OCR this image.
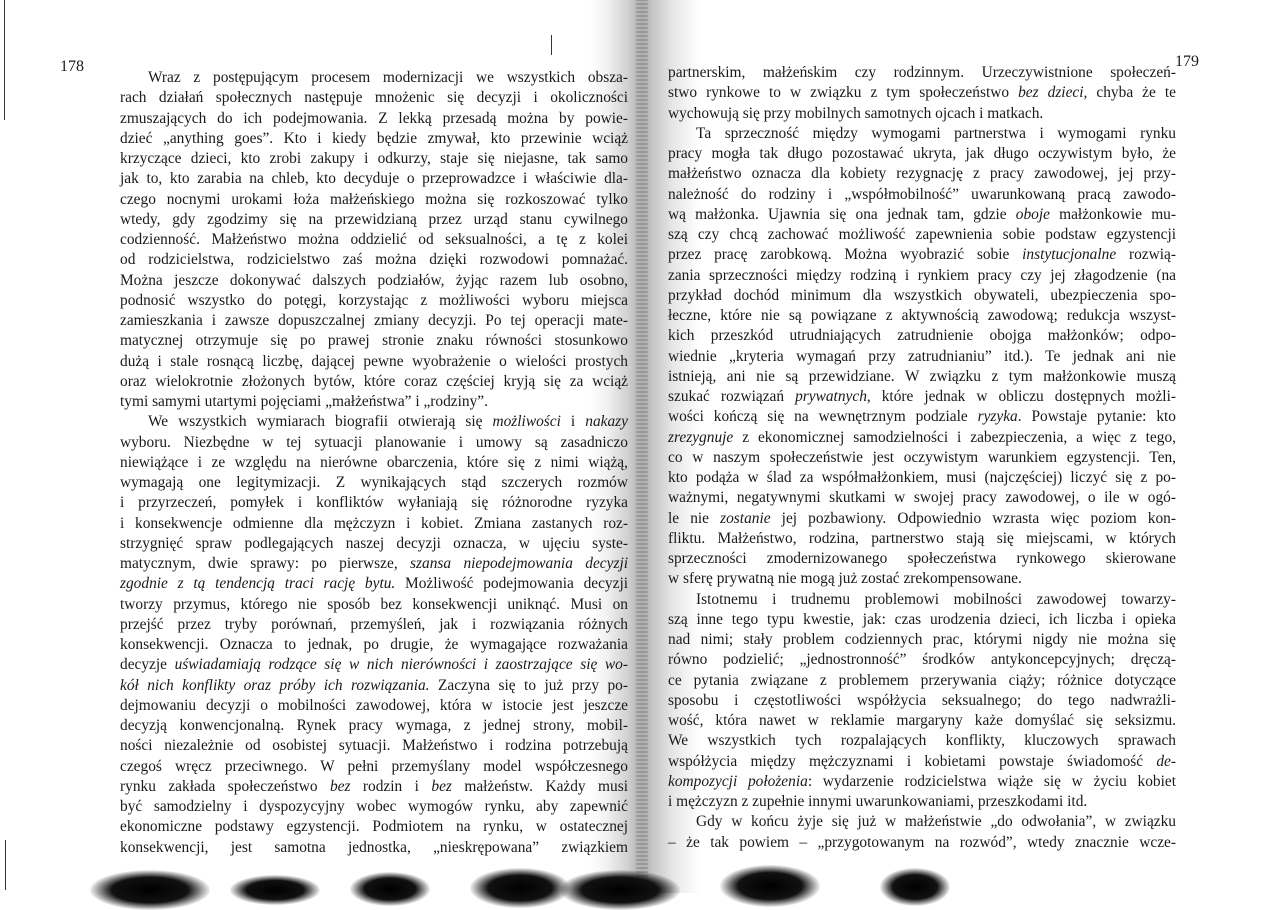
178	179
Wraz z postępującym procesem modernizacji we wszystkich obsza-
rach działań społecznych następuje mnożenic się decyzji i okoliczności
zmuszających do ich podejmowania. Z lekką przesadą można by powie-
dzieć „anything goes”. Kto i kiedy będzie zmywał, kto przewinie wciąż
krzyczące dzieci, kto zrobi zakupy i odkurzy, staje się niejasne, tak samo
jak to, kto zarabia na chleb, kto decyduje o przeprowadzce i właściwie dla-
czego nocnymi urokami łoża małżeńskiego można się rozkoszować tylko
wtedy, gdy zgodzimy się na przewidzianą przez urząd stanu cywilnego
codzienność. Małżeństwo można oddzielić od seksualności, a tę z kolei
od rodzicielstwa, rodzicielstwo zaś można dzięki rozwodowi pomnażać.
Można jeszcze dokonywać dalszych podziałów, żyjąc razem lub osobno,
podnosić wszystko do potęgi, korzystając z możliwości wyboru miejsca
zamieszkania i zawsze dopuszczalnej zmiany decyzji. Po tej operacji mate-
matycznej otrzymuje się po prawej stronie znaku równości stosunkowo
dużą i stale rosnącą liczbę, dającej pewne wyobrażenie o wielości prostych
oraz wielokrotnie złożonych bytów, które coraz częściej kryją się za wciąż
tymi samymi utartymi pojęciami „małżeństwa” i „rodziny”.
We wszystkich wymiarach biografii otwierają się możliwości i nakazy
wyboru. Niezbędne w tej sytuacji planowanie i umowy są zasadniczo
niewiążące i ze względu na nierówne obarczenia, które się z nimi wiążą,
wymagają one legitymizacji. Z wynikających stąd szczerych rozmów
i przyrzeczeń, pomyłek i konfliktów wyłaniają się różnorodne ryzyka
i konsekwencje odmienne dla mężczyzn i kobiet. Zmiana zastanych roz-
strzygnięć spraw podlegających naszej decyzji oznacza, w ujęciu syste-
matycznym, dwie sprawy: po pierwsze, szansa niepodejmowania decyzji
zgodnie z tą tendencją traci rację bytu. Możliwość podejmowania decyzji
tworzy przymus, którego nie sposób bez konsekwencji uniknąć. Musi on
przejść przez tryby porównań, przemyśleń, jak i rozwiązania różnych
konsekwencji. Oznacza to jednak, po drugie, że wymagające rozważania
decyzje uświadamiają rodzące się w nich nierówności i zaostrzające się wo-
kół nich konflikty oraz próby ich rozwiązania. Zaczyna się to już przy po-
dejmowaniu decyzji o mobilności zawodowej, która w istocie jest jeszcze
decyzją konwencjonalną. Rynek pracy wymaga, z jednej strony, mobil-
ności niezależnie od osobistej sytuacji. Małżeństwo i rodzina potrzebują
czegoś wręcz przeciwnego. W pełni przemyślany model współczesnego
rynku zakłada społeczeństwo bez rodzin i bez małżeństw. Każdy musi
być samodzielny i dyspozycyjny wobec wymogów rynku, aby zapewnić
ekonomiczne podstawy egzystencji. Podmiotem na rynku, w ostatecznej
konsekwencji, jest samotna jednostka, „nieskrępowana” związkiem
partnerskim, małżeńskim czy rodzinnym. Urzeczywistnione społeczeń-
stwo rynkowe to w związku z tym społeczeństwo bez dzieci, chyba że te
wychowują się przy mobilnych samotnych ojcach i matkach.
Ta sprzeczność między wymogami partnerstwa i wymogami rynku
pracy mogła tak długo pozostawać ukryta, jak długo oczywistym było, że
małżeństwo oznacza dla kobiety rezygnację z pracy zawodowej, jej przy-
należność do rodziny i „współmobilność” uwarunkowaną pracą zawodo-
wą małżonka. Ujawnia się ona jednak tam, gdzie oboje małżonkowie mu-
szą czy chcą zachować możliwość zapewnienia sobie podstaw egzystencji
przez pracę zarobkową. Można wyobrazić sobie instytucjonalne rozwią-
zania sprzeczności między rodziną i rynkiem pracy czy jej złagodzenie (na
przykład dochód minimum dla wszystkich obywateli, ubezpieczenia spo-
łeczne, które nie są powiązane z aktywnością zawodową; redukcja wszyst-
kich przeszkód utrudniających zatrudnienie obojga małżonków; odpo-
wiednie „kryteria wymagań przy zatrudnianiu” itd.). Te jednak ani nie
istnieją, ani nie są przewidziane. W związku z tym małżonkowie muszą
szukać rozwiązań prywatnych, które jednak w obliczu dostępnych możli-
wości kończą się na wewnętrznym podziale ryzyka. Powstaje pytanie: kto
zrezygnuje z ekonomicznej samodzielności i zabezpieczenia, a więc z tego,
co w naszym społeczeństwie jest oczywistym warunkiem egzystencji. Ten,
kto podąża w ślad za współmałżonkiem, musi (najczęściej) liczyć się z po-
ważnymi, negatywnymi skutkami w swojej pracy zawodowej, o ile w ogó-
le nie zostanie jej pozbawiony. Odpowiednio wzrasta więc poziom kon-
fliktu. Małżeństwo, rodzina, partnerstwo stają się miejscami, w których
sprzeczności zmodernizowanego społeczeństwa rynkowego skierowane
w sferę prywatną nie mogą już zostać zrekompensowane.
Istotnemu i trudnemu problemowi mobilności zawodowej towarzy-
szą inne tego typu kwestie, jak: czas urodzenia dzieci, ich liczba i opieka
nad nimi; stały problem codziennych prac, którymi nigdy nie można się
równo podzielić; „jednostronność” środków antykoncepcyjnych; dręczą-
ce pytania związane z problemem przerywania ciąży; różnice dotyczące
sposobu i częstotliwości współżycia seksualnego; do tego nadwrażli-
wość, która nawet w reklamie margaryny każe domyślać się seksizmu.
We wszystkich tych rozpalających konflikty, kluczowych sprawach
współżycia między mężczyznami i kobietami powstaje świadomość de-
kompozycji położenia: wydarzenie rodzicielstwa wiąże się w życiu kobiet
i mężczyzn z zupełnie innymi uwarunkowaniami, przeszkodami itd.
Gdy w końcu żyje się już w małżeństwie „do odwołania”, w związku
– że tak powiem – „przygotowanym na rozwód”, wtedy znacznie wcze-
